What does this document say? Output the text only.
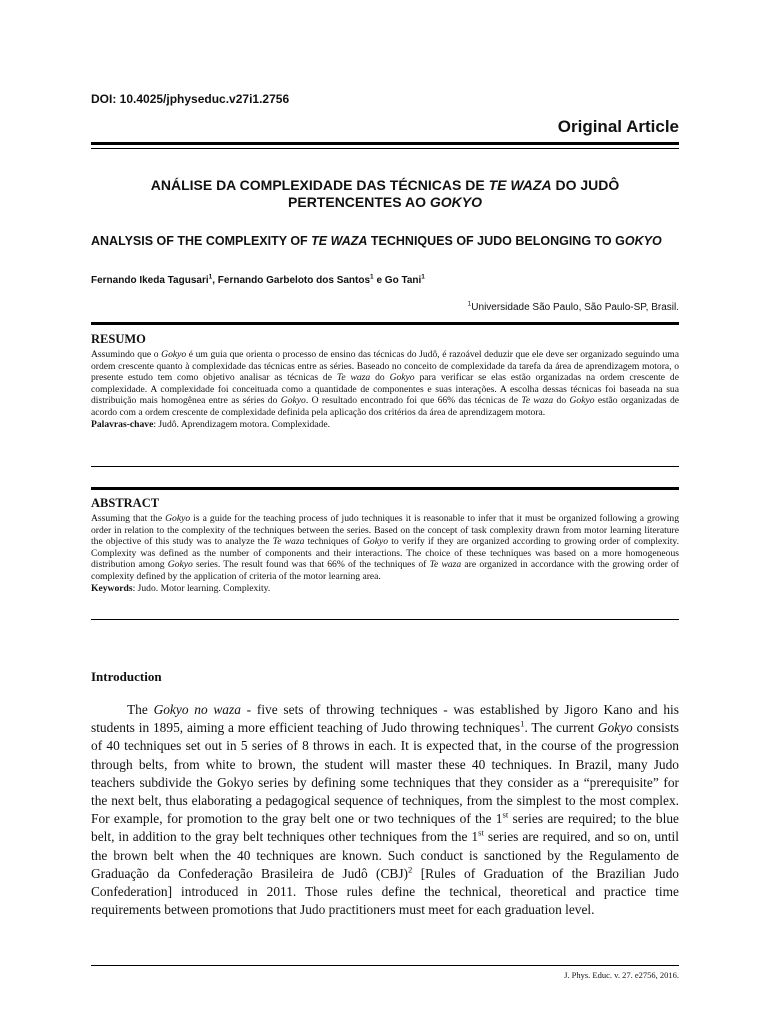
DOI: 10.4025/jphyseduc.v27i1.2756
Original Article
ANÁLISE DA COMPLEXIDADE DAS TÉCNICAS DE TE WAZA DO JUDÔ
PERTENCENTES AO GOKYO
ANALYSIS OF THE COMPLEXITY OF TE WAZA TECHNIQUES OF JUDO BELONGING TO GOKYO
Fernando Ikeda Tagusari$^1$, Fernando Garbeloto dos Santos$^1$ e Go Tani$^1$
$^1$Universidade São Paulo, São Paulo-SP, Brasil.

RESUMO

Assumindo que o Gokyo é um guia que orienta o processo de ensino das técnicas do Judô, é razoável deduzir que ele deve ser organizado seguindo uma ordem crescente quanto à complexidade das técnicas entre as séries. Baseado no conceito de complexidade da tarefa da área de aprendizagem motora, o presente estudo tem como objetivo analisar as técnicas de Te waza do Gokyo para verificar se elas estão organizadas na ordem crescente de complexidade. A complexidade foi conceituada como a quantidade de componentes e suas interações. A escolha dessas técnicas foi baseada na sua distribuição mais homogênea entre as séries do Gokyo. O resultado encontrado foi que 66% das técnicas de Te waza do Gokyo estão organizadas de acordo com a ordem crescente de complexidade definida pela aplicação dos critérios da área de aprendizagem motora.

Palavras-chave: Judô. Aprendizagem motora. Complexidade.

ABSTRACT

Assuming that the Gokyo is a guide for the teaching process of judo techniques it is reasonable to infer that it must be organized following a growing order in relation to the complexity of the techniques between the series. Based on the concept of task complexity drawn from motor learning literature the objective of this study was to analyze the Te waza techniques of Gokyo to verify if they are organized according to growing order of complexity. Complexity was defined as the number of components and their interactions. The choice of these techniques was based on a more homogeneous distribution among Gokyo series. The result found was that 66% of the techniques of Te waza are organized in accordance with the growing order of complexity defined by the application of criteria of the motor learning area.

Keywords: Judo. Motor learning. Complexity.

Introduction

The Gokyo no waza - five sets of throwing techniques - was established by Jigoro Kano and his students in 1895, aiming a more efficient teaching of Judo throwing techniques$^1$. The current Gokyo consists of 40 techniques set out in 5 series of 8 throws in each. It is expected that, in the course of the progression through belts, from white to brown, the student will master these 40 techniques. In Brazil, many Judo teachers subdivide the Gokyo series by defining some techniques that they consider as a “prerequisite” for the next belt, thus elaborating a pedagogical sequence of techniques, from the simplest to the most complex. For example, for promotion to the gray belt one or two techniques of the 1st series are required; to the blue belt, in addition to the gray belt techniques other techniques from the 1st series are required, and so on, until the brown belt when the 40 techniques are known. Such conduct is sanctioned by the Regulamento de Graduação da Confederação Brasileira de Judô (CBJ)$^2$ [Rules of Graduation of the Brazilian Judo Confederation] introduced in 2011. Those rules define the technical, theoretical and practice time requirements between promotions that Judo practitioners must meet for each graduation level.

J. Phys. Educ. v. 27. e2756, 2016.
